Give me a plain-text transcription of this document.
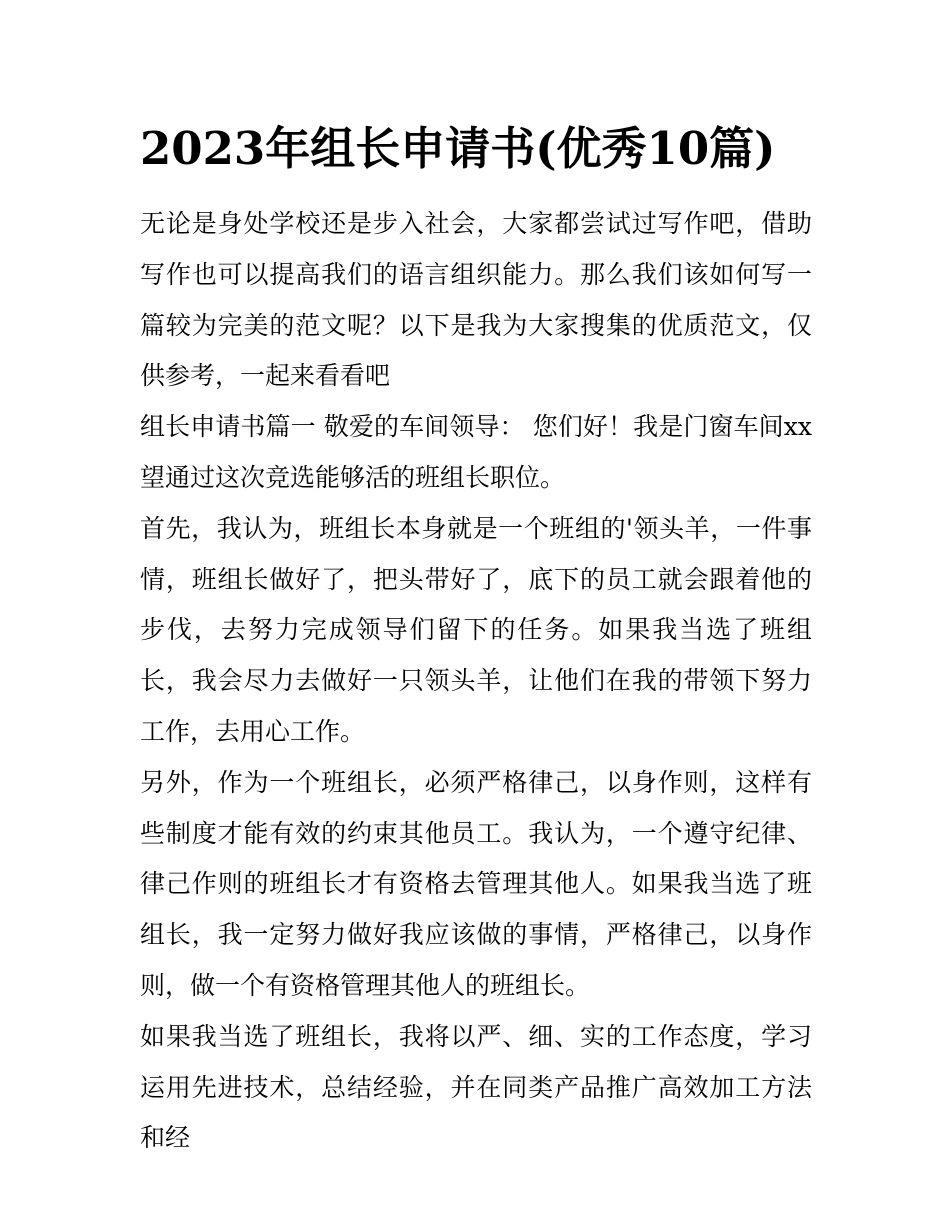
2023年组长申请书(优秀10篇)

无论是身处学校还是步入社会，大家都尝试过写作吧，借助写作也可以提高我们的语言组织能力。那么我们该如何写一篇较为完美的范文呢？以下是我为大家搜集的优质范文，仅供参考，一起来看看吧

组长申请书篇一 敬爱的车间领导： 您们好！我是门窗车间xx望通过这次竞选能够活的班组长职位。

首先，我认为，班组长本身就是一个班组的'领头羊，一件事情，班组长做好了，把头带好了，底下的员工就会跟着他的步伐，去努力完成领导们留下的任务。如果我当选了班组长，我会尽力去做好一只领头羊，让他们在我的带领下努力工作，去用心工作。

另外，作为一个班组长，必须严格律己，以身作则，这样有些制度才能有效的约束其他员工。我认为，一个遵守纪律、律己作则的班组长才有资格去管理其他人。如果我当选了班组长，我一定努力做好我应该做的事情，严格律己，以身作则，做一个有资格管理其他人的班组长。

如果我当选了班组长，我将以严、细、实的工作态度，学习运用先进技术，总结经验，并在同类产品推广高效加工方法和经
